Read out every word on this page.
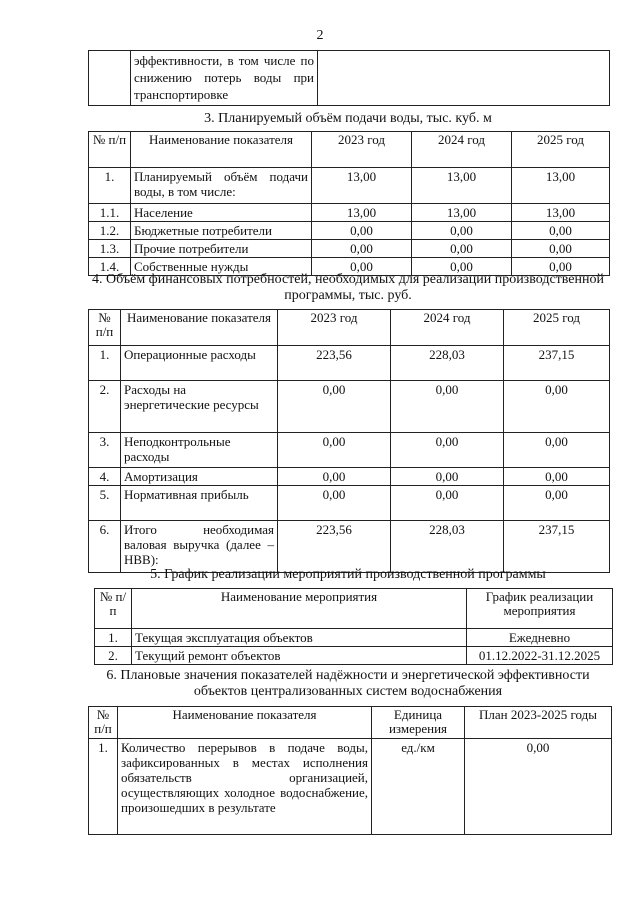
2
	эффективности, в том числе по снижению потерь воды при транспортировке	
3. Планируемый объём подачи воды, тыс. куб. м
№ п/п	Наименование показателя	2023 год	2024 год	2025 год
1.	Планируемый объём подачи воды, в том числе:	13,00	13,00	13,00
1.1.	Население	13,00	13,00	13,00
1.2.	Бюджетные потребители	0,00	0,00	0,00
1.3.	Прочие потребители	0,00	0,00	0,00
1.4.	Собственные нужды	0,00	0,00	0,00
4. Объём финансовых потребностей, необходимых для реализации производственной программы, тыс. руб.
№ п/п	Наименование показателя	2023 год	2024 год	2025 год
1.	Операционные расходы	223,56	228,03	237,15
2.	Расходы на энергетические ресурсы	0,00	0,00	0,00
3.	Неподконтрольные расходы	0,00	0,00	0,00
4.	Амортизация	0,00	0,00	0,00
5.	Нормативная прибыль	0,00	0,00	0,00
6.	Итого необходимая валовая выручка (далее – НВВ):	223,56	228,03	237,15
5. График реализации мероприятий производственной программы
№ п/п	Наименование мероприятия	График реализации мероприятия
1.	Текущая эксплуатация объектов	Ежедневно
2.	Текущий ремонт объектов	01.12.2022-31.12.2025
6. Плановые значения показателей надёжности и энергетической эффективности объектов централизованных систем водоснабжения
№ п/п	Наименование показателя	Единица измерения	План 2023-2025 годы
1.	Количество перерывов в подаче воды, зафиксированных в местах исполнения обязательств организацией, осуществляющих холодное водоснабжение, произошедших в результате	ед./км	0,00
